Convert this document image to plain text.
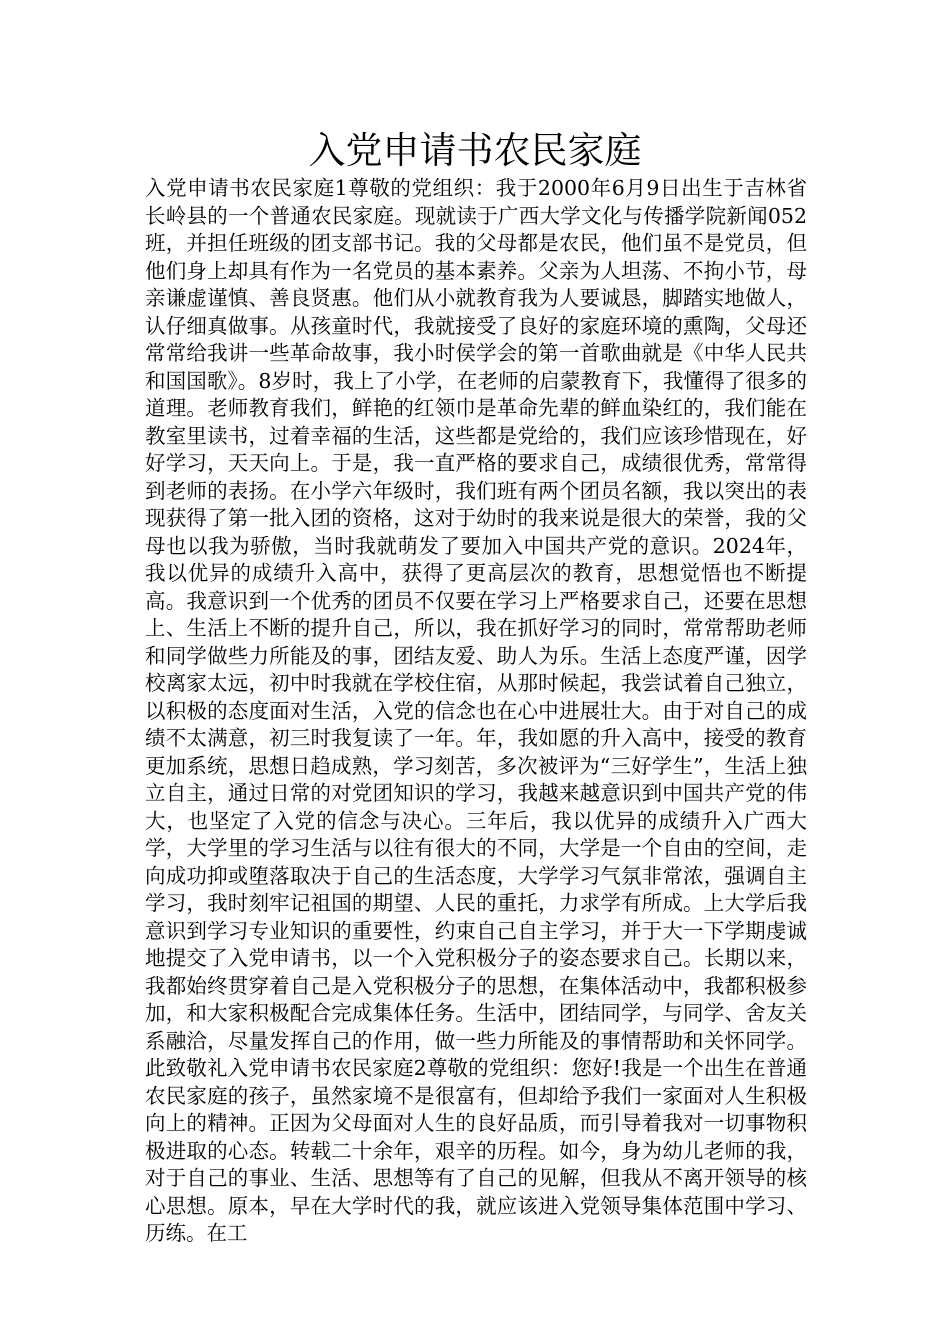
入党申请书农民家庭

入党申请书农民家庭1尊敬的党组织：我于2000年6月9日出生于吉林省长岭县的一个普通农民家庭。现就读于广西大学文化与传播学院新闻052班，并担任班级的团支部书记。我的父母都是农民，他们虽不是党员，但他们身上却具有作为一名党员的基本素养。父亲为人坦荡、不拘小节，母亲谦虚谨慎、善良贤惠。他们从小就教育我为人要诚恳，脚踏实地做人，认仔细真做事。从孩童时代，我就接受了良好的家庭环境的熏陶，父母还常常给我讲一些革命故事，我小时侯学会的第一首歌曲就是《中华人民共和国国歌》。8岁时，我上了小学，在老师的启蒙教育下，我懂得了很多的道理。老师教育我们，鲜艳的红领巾是革命先辈的鲜血染红的，我们能在教室里读书，过着幸福的生活，这些都是党给的，我们应该珍惜现在，好好学习，天天向上。于是，我一直严格的要求自己，成绩很优秀，常常得到老师的表扬。在小学六年级时，我们班有两个团员名额，我以突出的表现获得了第一批入团的资格，这对于幼时的我来说是很大的荣誉，我的父母也以我为骄傲，当时我就萌发了要加入中国共产党的意识。2024年，我以优异的成绩升入高中，获得了更高层次的教育，思想觉悟也不断提高。我意识到一个优秀的团员不仅要在学习上严格要求自己，还要在思想上、生活上不断的提升自己，所以，我在抓好学习的同时，常常帮助老师和同学做些力所能及的事，团结友爱、助人为乐。生活上态度严谨，因学校离家太远，初中时我就在学校住宿，从那时候起，我尝试着自己独立，以积极的态度面对生活，入党的信念也在心中进展壮大。由于对自己的成绩不太满意，初三时我复读了一年。年，我如愿的升入高中，接受的教育更加系统，思想日趋成熟，学习刻苦，多次被评为“三好学生”，生活上独立自主，通过日常的对党团知识的学习，我越来越意识到中国共产党的伟大，也坚定了入党的信念与决心。三年后，我以优异的成绩升入广西大学，大学里的学习生活与以往有很大的不同，大学是一个自由的空间，走向成功抑或堕落取决于自己的生活态度，大学学习气氛非常浓，强调自主学习，我时刻牢记祖国的期望、人民的重托，力求学有所成。上大学后我意识到学习专业知识的重要性，约束自己自主学习，并于大一下学期虔诚地提交了入党申请书，以一个入党积极分子的姿态要求自己。长期以来，我都始终贯穿着自己是入党积极分子的思想，在集体活动中，我都积极参加，和大家积极配合完成集体任务。生活中，团结同学，与同学、舍友关系融洽，尽量发挥自己的作用，做一些力所能及的事情帮助和关怀同学。此致敬礼入党申请书农民家庭2尊敬的党组织：您好!我是一个出生在普通农民家庭的孩子，虽然家境不是很富有，但却给予我们一家面对人生积极向上的精神。正因为父母面对人生的良好品质，而引导着我对一切事物积极进取的心态。转载二十余年，艰辛的历程。如今，身为幼儿老师的我，对于自己的事业、生活、思想等有了自己的见解，但我从不离开领导的核心思想。原本，早在大学时代的我，就应该进入党领导集体范围中学习、历练。在工
